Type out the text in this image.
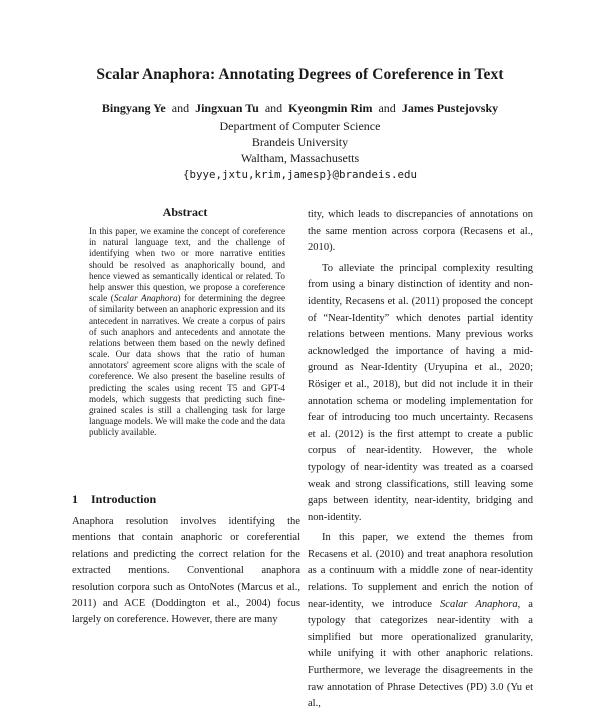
Scalar Anaphora: Annotating Degrees of Coreference in Text
Bingyang Ye and Jingxuan Tu and Kyeongmin Rim and James Pustejovsky
Department of Computer Science
Brandeis University
Waltham, Massachusetts
{byye,jxtu,krim,jamesp}@brandeis.edu
Abstract
In this paper, we examine the concept of coreference in natural language text, and the challenge of identifying when two or more narrative entities should be resolved as anaphorically bound, and hence viewed as semantically identical or related. To help answer this question, we propose a coreference scale (Scalar Anaphora) for determining the degree of similarity between an anaphoric expression and its antecedent in narratives. We create a corpus of pairs of such anaphors and antecedents and annotate the relations between them based on the newly defined scale. Our data shows that the ratio of human annotators' agreement score aligns with the scale of coreference. We also present the baseline results of predicting the scales using recent T5 and GPT-4 models, which suggests that predicting such fine-grained scales is still a challenging task for large language models. We will make the code and the data publicly available.
1 Introduction

Anaphora resolution involves identifying the mentions that contain anaphoric or coreferential relations and predicting the correct relation for the extracted mentions. Conventional anaphora resolution corpora such as OntoNotes (Marcus et al., 2011) and ACE (Doddington et al., 2004) focus largely on coreference. However, there are many

tity, which leads to discrepancies of annotations on the same mention across corpora (Recasens et al., 2010).

To alleviate the principal complexity resulting from using a binary distinction of identity and non-identity, Recasens et al. (2011) proposed the concept of “Near-Identity” which denotes partial identity relations between mentions. Many previous works acknowledged the importance of having a mid-ground as Near-Identity (Uryupina et al., 2020; Rösiger et al., 2018), but did not include it in their annotation schema or modeling implementation for fear of introducing too much uncertainty. Recasens et al. (2012) is the first attempt to create a public corpus of near-identity. However, the whole typology of near-identity was treated as a coarsed weak and strong classifications, still leaving some gaps between identity, near-identity, bridging and non-identity.

In this paper, we extend the themes from Recasens et al. (2010) and treat anaphora resolution as a continuum with a middle zone of near-identity relations. To supplement and enrich the notion of near-identity, we introduce Scalar Anaphora, a typology that categorizes near-identity with a simplified but more operationalized granularity, while unifying it with other anaphoric relations. Furthermore, we leverage the disagreements in the raw annotation of Phrase Detectives (PD) 3.0 (Yu et al.,
